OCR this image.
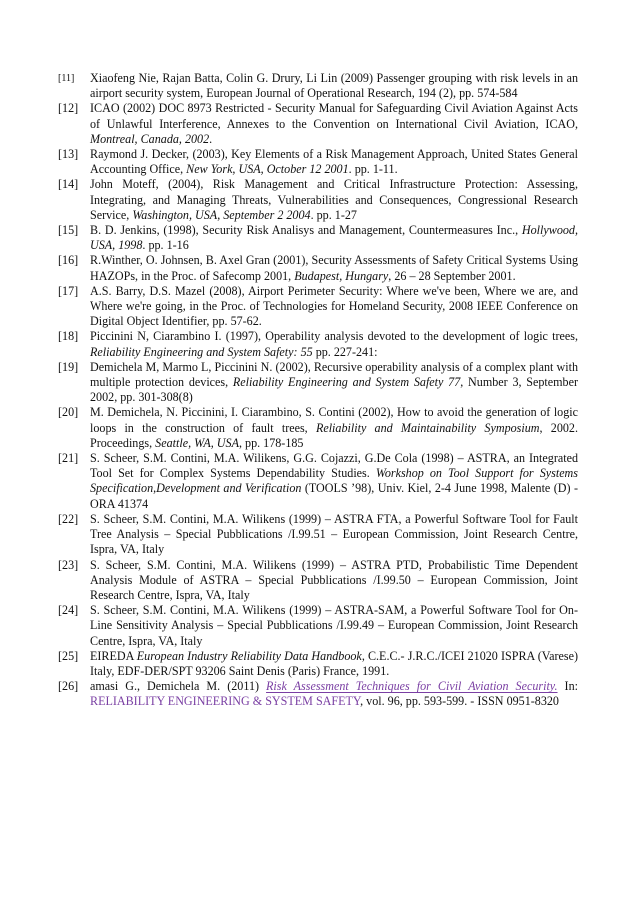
[11]	Xiaofeng Nie, Rajan Batta, Colin G. Drury, Li Lin (2009) Passenger grouping with risk levels in an airport security system, European Journal of Operational Research, 194 (2), pp. 574-584
[12] ICAO (2002) DOC 8973 Restricted - Security Manual for Safeguarding Civil Aviation Against Acts of Unlawful Interference, Annexes to the Convention on International Civil Aviation, ICAO, Montreal, Canada, 2002.
[13] Raymond J. Decker, (2003), Key Elements of a Risk Management Approach, United States General Accounting Office, New York, USA, October 12 2001. pp. 1-11.
[14] John Moteff, (2004), Risk Management and Critical Infrastructure Protection: Assessing, Integrating, and Managing Threats, Vulnerabilities and Consequences, Congressional Research Service, Washington, USA, September 2 2004. pp. 1-27
[15] B. D. Jenkins, (1998), Security Risk Analisys and Management, Countermeasures Inc., Hollywood, USA, 1998. pp. 1-16
[16] R.Winther, O. Johnsen, B. Axel Gran (2001), Security Assessments of Safety Critical Systems Using HAZOPs, in the Proc. of Safecomp 2001, Budapest, Hungary, 26 – 28 September 2001.
[17] A.S. Barry, D.S. Mazel (2008), Airport Perimeter Security: Where we've been, Where we are, and Where we're going, in the Proc. of Technologies for Homeland Security, 2008 IEEE Conference on Digital Object Identifier, pp. 57-62.
[18] Piccinini N, Ciarambino I. (1997), Operability analysis devoted to the development of logic trees, Reliability Engineering and System Safety: 55 pp. 227-241:
[19] Demichela M, Marmo L, Piccinini N. (2002), Recursive operability analysis of a complex plant with multiple protection devices, Reliability Engineering and System Safety 77, Number 3, September 2002, pp. 301-308(8)
[20] M. Demichela, N. Piccinini, I. Ciarambino, S. Contini (2002), How to avoid the generation of logic loops in the construction of fault trees, Reliability and Maintainability Symposium, 2002. Proceedings, Seattle, WA, USA, pp. 178-185
[21] S. Scheer, S.M. Contini, M.A. Wilikens, G.G. Cojazzi, G.De Cola (1998) – ASTRA, an Integrated Tool Set for Complex Systems Dependability Studies. Workshop on Tool Support for Systems Specification,Development and Verification (TOOLS ’98), Univ. Kiel, 2-4 June 1998, Malente (D) - ORA 41374
[22] S. Scheer, S.M. Contini, M.A. Wilikens (1999) – ASTRA FTA, a Powerful Software Tool for Fault Tree Analysis – Special Pubblications /I.99.51 – European Commission, Joint Research Centre, Ispra, VA, Italy
[23] S. Scheer, S.M. Contini, M.A. Wilikens (1999) – ASTRA PTD, Probabilistic Time Dependent Analysis Module of ASTRA – Special Pubblications /I.99.50 – European Commission, Joint Research Centre, Ispra, VA, Italy
[24] S. Scheer, S.M. Contini, M.A. Wilikens (1999) – ASTRA-SAM, a Powerful Software Tool for On-Line Sensitivity Analysis – Special Pubblications /I.99.49 – European Commission, Joint Research Centre, Ispra, VA, Italy
[25] EIREDA European Industry Reliability Data Handbook, C.E.C.- J.R.C./ICEI 21020 ISPRA (Varese) Italy, EDF-DER/SPT 93206 Saint Denis (Paris) France, 1991.
[26] amasi G., Demichela M. (2011) Risk Assessment Techniques for Civil Aviation Security. In: RELIABILITY ENGINEERING & SYSTEM SAFETY, vol. 96, pp. 593-599. - ISSN 0951-8320
